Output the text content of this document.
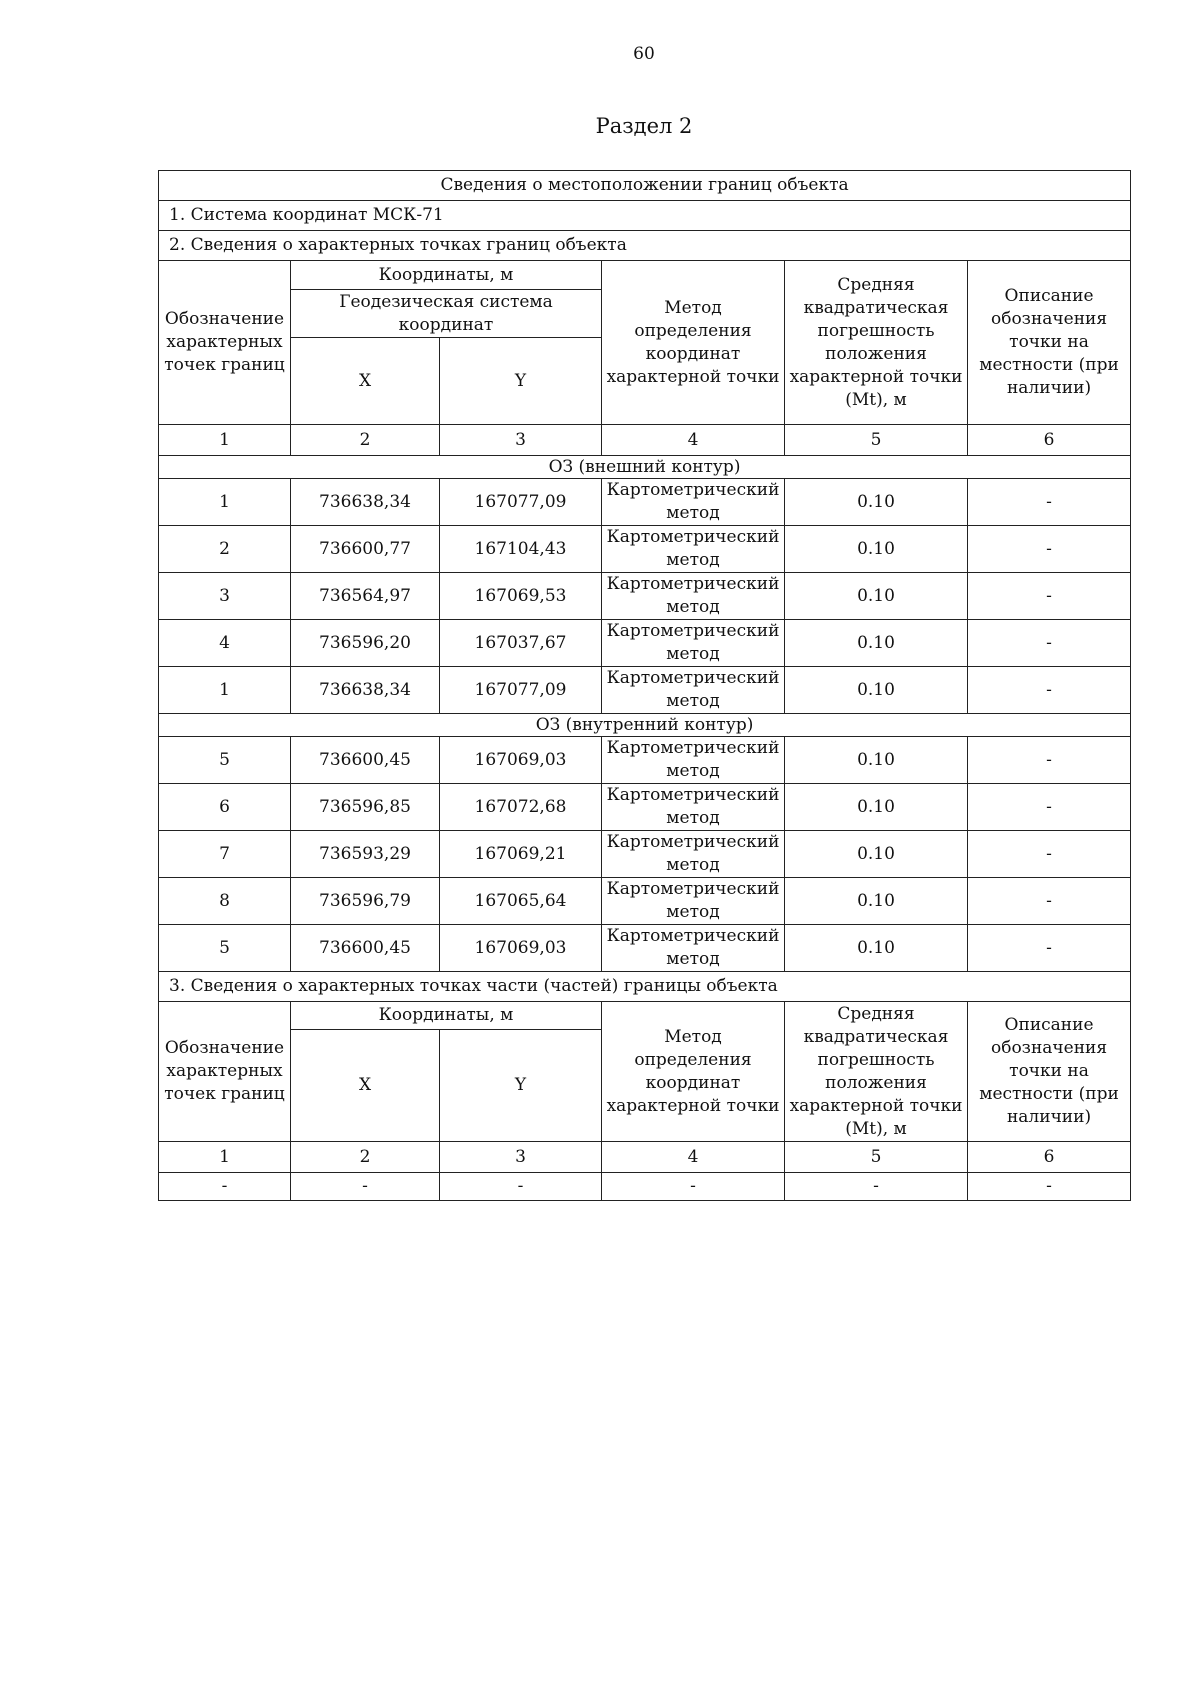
60
Раздел 2
Сведения о местоположении границ объекта					
1. Система координат МСК-71					
2. Сведения о характерных точках границ объекта					
Обозначение характерных точек границ	Координаты, м		Метод определения координат характерной точки	Средняя квадратическая погрешность положения характерной точки (Mt), м	Описание обозначения точки на местности (при наличии)
	Геодезическая система координат				
	X	Y			
1	2	3	4	5	6
ОЗ (внешний контур)					
1	736638,34	167077,09	Картометрический метод	0.10	-
2	736600,77	167104,43	Картометрический метод	0.10	-
3	736564,97	167069,53	Картометрический метод	0.10	-
4	736596,20	167037,67	Картометрический метод	0.10	-
1	736638,34	167077,09	Картометрический метод	0.10	-
ОЗ (внутренний контур)					
5	736600,45	167069,03	Картометрический метод	0.10	-
6	736596,85	167072,68	Картометрический метод	0.10	-
7	736593,29	167069,21	Картометрический метод	0.10	-
8	736596,79	167065,64	Картометрический метод	0.10	-
5	736600,45	167069,03	Картометрический метод	0.10	-
3. Сведения о характерных точках части (частей) границы объекта					
Обозначение характерных точек границ	Координаты, м		Метод определения координат характерной точки	Средняя квадратическая погрешность положения характерной точки (Mt), м	Описание обозначения точки на местности (при наличии)
	X	Y			
1	2	3	4	5	6
-	-	-	-	-	-
